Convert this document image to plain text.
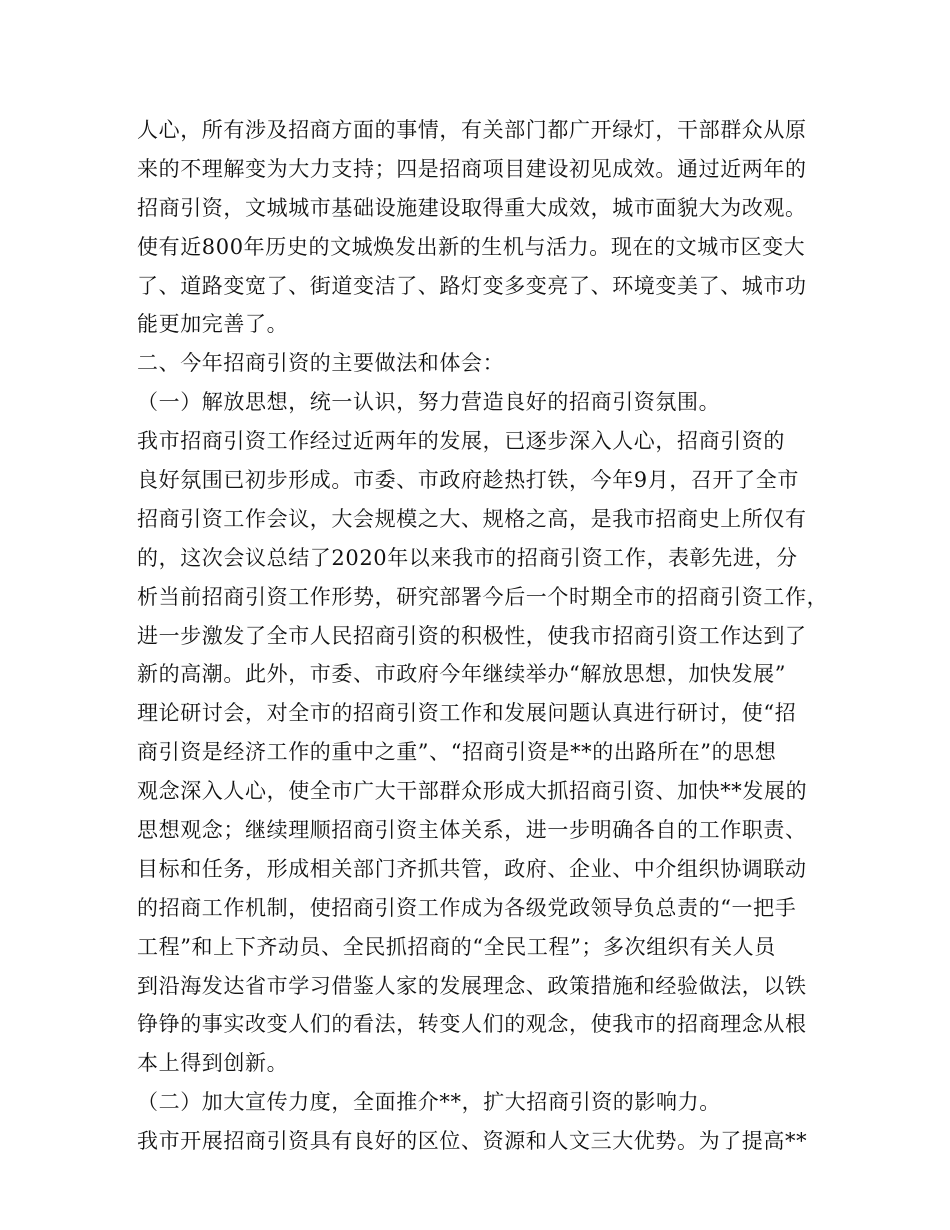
人心，所有涉及招商方面的事情，有关部门都广开绿灯，干部群众从原
来的不理解变为大力支持；四是招商项目建设初见成效。通过近两年的
招商引资，文城城市基础设施建设取得重大成效，城市面貌大为改观。
使有近800年历史的文城焕发出新的生机与活力。现在的文城市区变大
了、道路变宽了、街道变洁了、路灯变多变亮了、环境变美了、城市功
能更加完善了。
二、今年招商引资的主要做法和体会：
（一）解放思想，统一认识，努力营造良好的招商引资氛围。
我市招商引资工作经过近两年的发展，已逐步深入人心，招商引资的
良好氛围已初步形成。市委、市政府趁热打铁，今年9月，召开了全市
招商引资工作会议，大会规模之大、规格之高，是我市招商史上所仅有
的，这次会议总结了2020年以来我市的招商引资工作，表彰先进，分
析当前招商引资工作形势，研究部署今后一个时期全市的招商引资工作，
进一步激发了全市人民招商引资的积极性，使我市招商引资工作达到了
新的高潮。此外，市委、市政府今年继续举办“解放思想，加快发展”
理论研讨会，对全市的招商引资工作和发展问题认真进行研讨，使“招
商引资是经济工作的重中之重”、“招商引资是**的出路所在”的思想
观念深入人心，使全市广大干部群众形成大抓招商引资、加快**发展的
思想观念；继续理顺招商引资主体关系，进一步明确各自的工作职责、
目标和任务，形成相关部门齐抓共管，政府、企业、中介组织协调联动
的招商工作机制，使招商引资工作成为各级党政领导负总责的“一把手
工程”和上下齐动员、全民抓招商的“全民工程”；多次组织有关人员
到沿海发达省市学习借鉴人家的发展理念、政策措施和经验做法，以铁
铮铮的事实改变人们的看法，转变人们的观念，使我市的招商理念从根
本上得到创新。
（二）加大宣传力度，全面推介**，扩大招商引资的影响力。
我市开展招商引资具有良好的区位、资源和人文三大优势。为了提高**
